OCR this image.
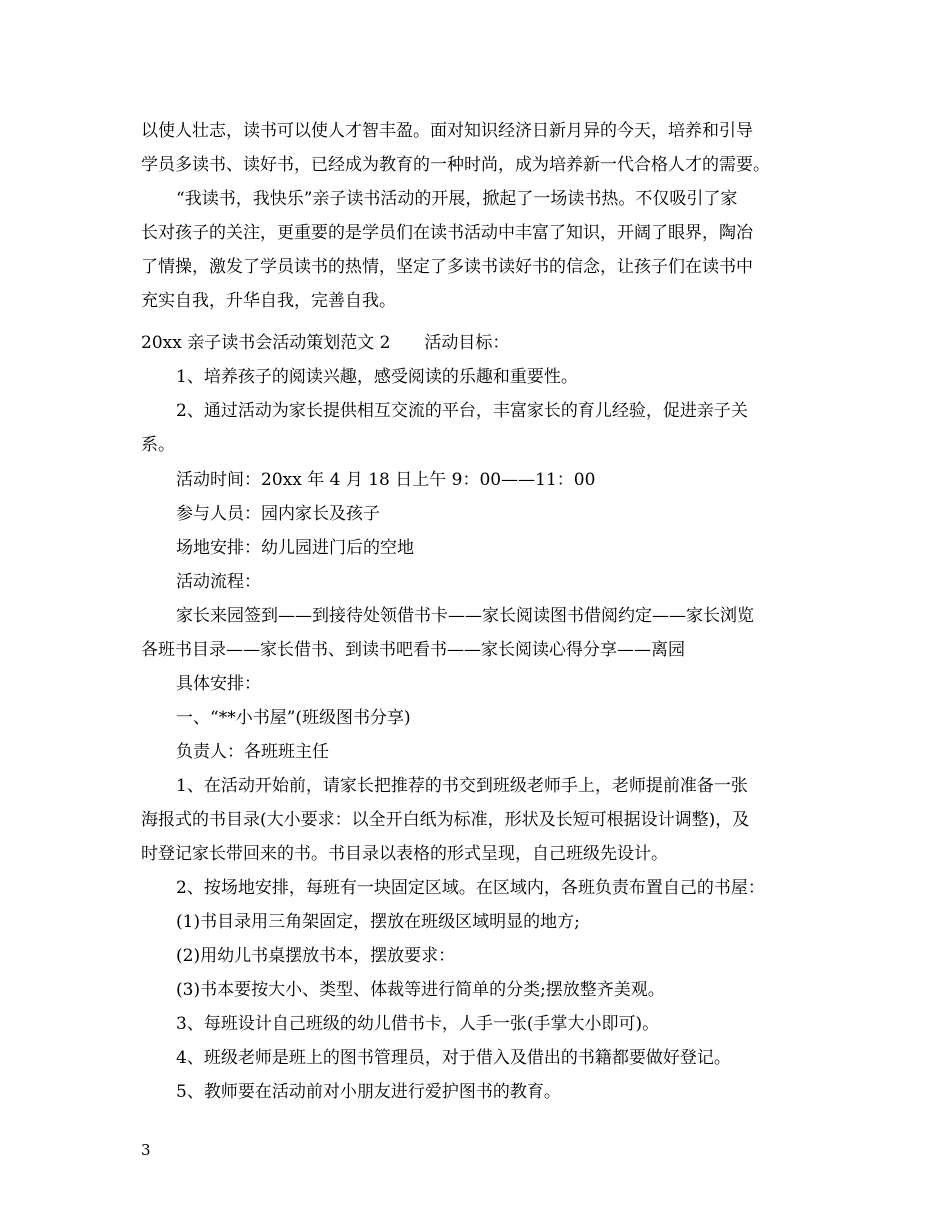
以使人壮志，读书可以使人才智丰盈。面对知识经济日新月异的今天，培养和引导

学员多读书、读好书，已经成为教育的一种时尚，成为培养新一代合格人才的需要。

“我读书，我快乐”亲子读书活动的开展，掀起了一场读书热。不仅吸引了家

长对孩子的关注，更重要的是学员们在读书活动中丰富了知识，开阔了眼界，陶冶

了情操，激发了学员读书的热情，坚定了多读书读好书的信念，让孩子们在读书中

充实自我，升华自我，完善自我。

20xx 亲子读书会活动策划范文 2　　活动目标：

1、培养孩子的阅读兴趣，感受阅读的乐趣和重要性。

2、通过活动为家长提供相互交流的平台，丰富家长的育儿经验，促进亲子关

系。

活动时间：20xx 年 4 月 18 日上午 9：00——11：00

参与人员：园内家长及孩子

场地安排：幼儿园进门后的空地

活动流程：

家长来园签到——到接待处领借书卡——家长阅读图书借阅约定——家长浏览

各班书目录——家长借书、到读书吧看书——家长阅读心得分享——离园

具体安排：

一、“**小书屋”(班级图书分享)

负责人：各班班主任

1、在活动开始前，请家长把推荐的书交到班级老师手上，老师提前准备一张

海报式的书目录(大小要求：以全开白纸为标准，形状及长短可根据设计调整)，及

时登记家长带回来的书。书目录以表格的形式呈现，自己班级先设计。

2、按场地安排，每班有一块固定区域。在区域内，各班负责布置自己的书屋：

(1)书目录用三角架固定，摆放在班级区域明显的地方;

(2)用幼儿书桌摆放书本，摆放要求：

(3)书本要按大小、类型、体裁等进行简单的分类;摆放整齐美观。

3、每班设计自己班级的幼儿借书卡，人手一张(手掌大小即可)。

4、班级老师是班上的图书管理员，对于借入及借出的书籍都要做好登记。

5、教师要在活动前对小朋友进行爱护图书的教育。

3
